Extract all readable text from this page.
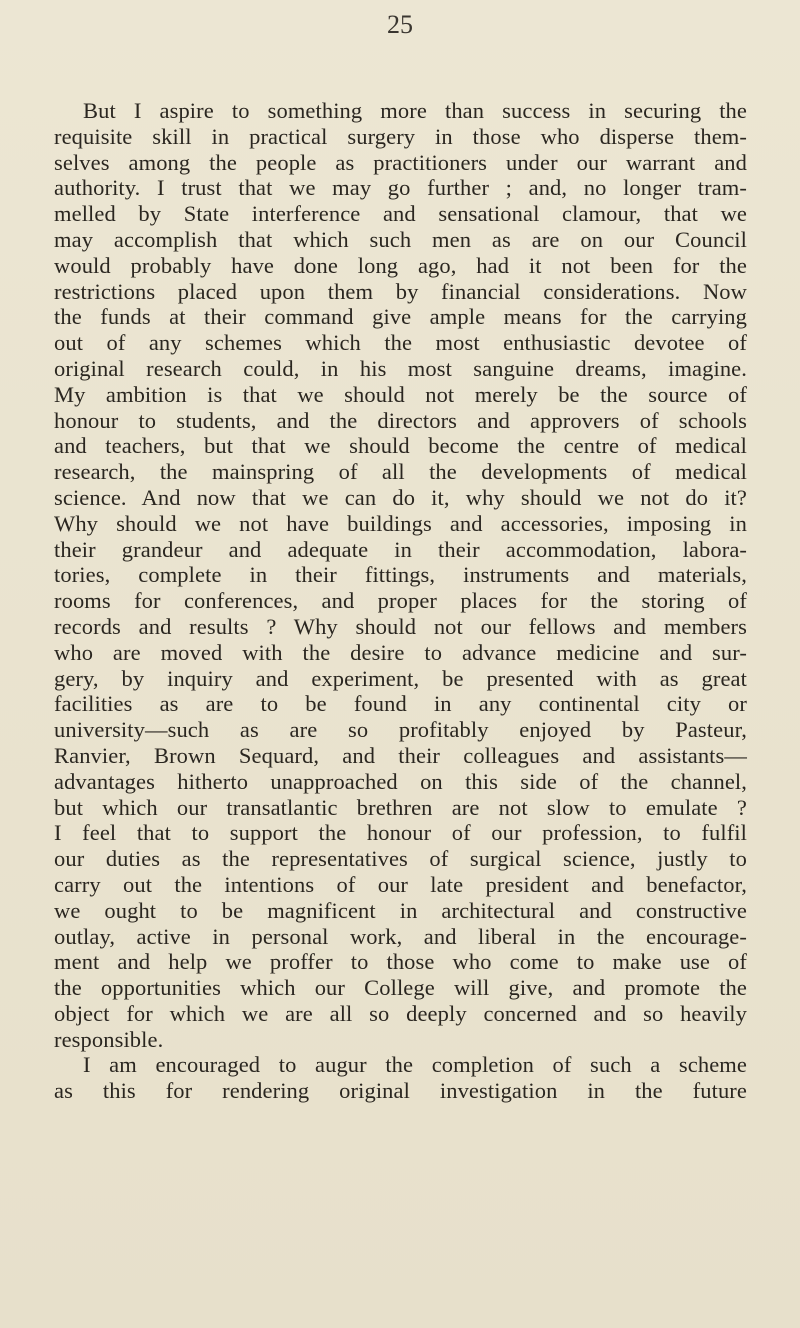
25
But I aspire to something more than success in securing the
requisite skill in practical surgery in those who disperse them-
selves among the people as practitioners under our warrant and
authority. I trust that we may go further ; and, no longer tram-
melled by State interference and sensational clamour, that we
may accomplish that which such men as are on our Council
would probably have done long ago, had it not been for the
restrictions placed upon them by financial considerations. Now
the funds at their command give ample means for the carrying
out of any schemes which the most enthusiastic devotee of
original research could, in his most sanguine dreams, imagine.
My ambition is that we should not merely be the source of
honour to students, and the directors and approvers of schools
and teachers, but that we should become the centre of medical
research, the mainspring of all the developments of medical
science. And now that we can do it, why should we not do it?
Why should we not have buildings and accessories, imposing in
their grandeur and adequate in their accommodation, labora-
tories, complete in their fittings, instruments and materials,
rooms for conferences, and proper places for the storing of
records and results ? Why should not our fellows and members
who are moved with the desire to advance medicine and sur-
gery, by inquiry and experiment, be presented with as great
facilities as are to be found in any continental city or
university—such as are so profitably enjoyed by Pasteur,
Ranvier, Brown Sequard, and their colleagues and assistants—
advantages hitherto unapproached on this side of the channel,
but which our transatlantic brethren are not slow to emulate ?
I feel that to support the honour of our profession, to fulfil
our duties as the representatives of surgical science, justly to
carry out the intentions of our late president and benefactor,
we ought to be magnificent in architectural and constructive
outlay, active in personal work, and liberal in the encourage-
ment and help we proffer to those who come to make use of
the opportunities which our College will give, and promote the
object for which we are all so deeply concerned and so heavily
responsible.
I am encouraged to augur the completion of such a scheme
as this for rendering original investigation in the future
